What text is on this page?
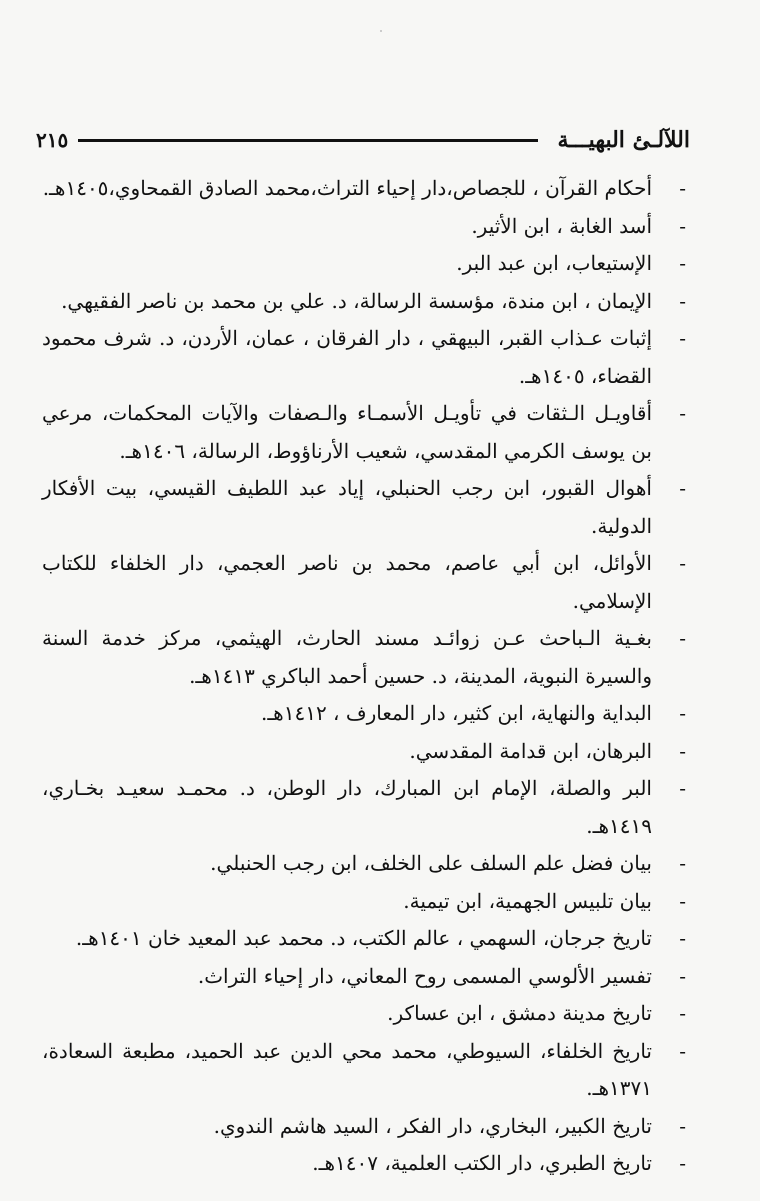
اللآلـئ البهيـــة
٢١٥
-
أحكام القرآن ، للجصاص،دار إحياء التراث،محمد الصادق القمحاوي،١٤٠٥هـ.
-
أسد الغابة ، ابن الأثير.
-
الإستيعاب، ابن عبد البر.
-
الإيمان ، ابن مندة، مؤسسة الرسالة، د. علي بن محمد بن ناصر الفقيهي.
-
إثبات عـذاب القبر، البيهقي ، دار الفرقان ، عمان، الأردن، د. شرف محمود القضاء، ١٤٠٥هـ.
-
أقاويـل الـثقات في تأويـل الأسمـاء والـصفات والآيات المحكمات، مرعي بن يوسف الكرمي المقدسي، شعيب الأرناؤوط، الرسالة، ١٤٠٦هـ.
-
أهوال القبور، ابن رجب الحنبلي، إياد عبد اللطيف القيسي، بيت الأفكار الدولية.
-
الأوائل، ابن أبي عاصم، محمد بن ناصر العجمي، دار الخلفاء للكتاب الإسلامي.
-
بغـية الـباحث عـن زوائـد مسند الحارث، الهيثمي، مركز خدمة السنة والسيرة النبوية، المدينة، د. حسين أحمد الباكري ١٤١٣هـ.
-
البداية والنهاية، ابن كثير، دار المعارف ، ١٤١٢هـ.
-
البرهان، ابن قدامة المقدسي.
-
البر والصلة، الإمام ابن المبارك، دار الوطن، د. محمـد سعيـد بخـاري، ١٤١٩هـ.
-
بيان فضل علم السلف على الخلف، ابن رجب الحنبلي.
-
بيان تلبيس الجهمية، ابن تيمية.
-
تاريخ جرجان، السهمي ، عالم الكتب، د. محمد عبد المعيد خان ١٤٠١هـ.
-
تفسير الألوسي المسمى روح المعاني، دار إحياء التراث.
-
تاريخ مدينة دمشق ، ابن عساكر.
-
تاريخ الخلفاء، السيوطي، محمد محي الدين عبد الحميد، مطبعة السعادة، ١٣٧١هـ.
-
تاريخ الكبير، البخاري، دار الفكر ، السيد هاشم الندوي.
-
تاريخ الطبري، دار الكتب العلمية، ١٤٠٧هـ.
